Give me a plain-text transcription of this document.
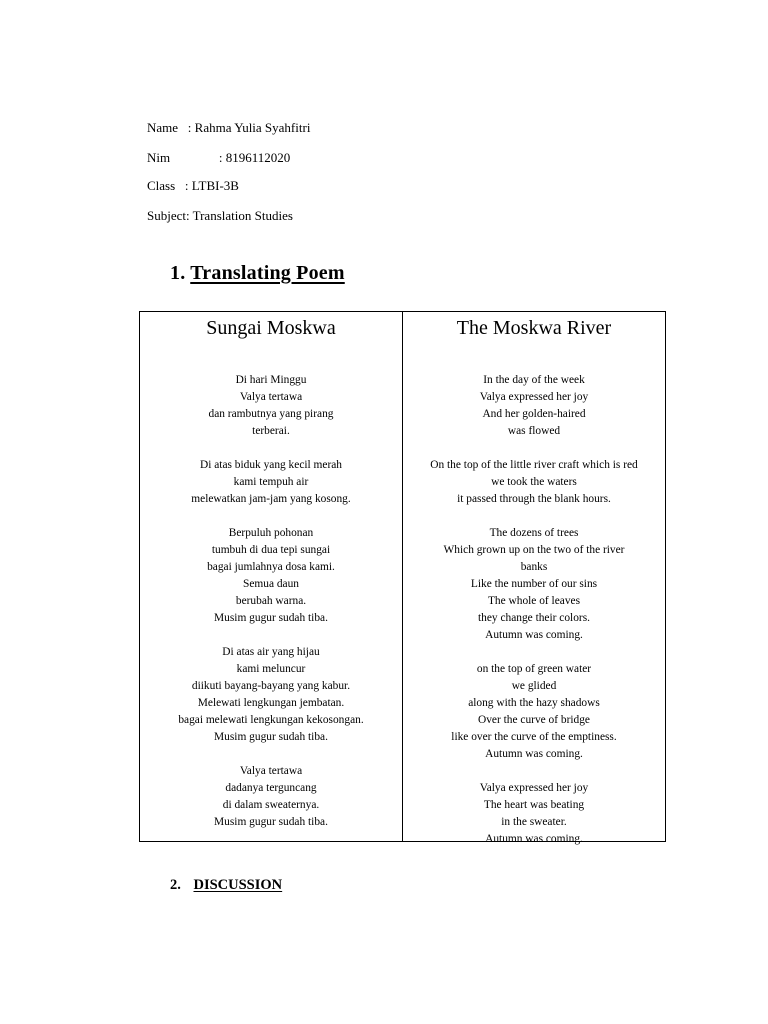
Name   : Rahma Yulia Syahfitri
Nim               : 8196112020
Class   : LTBI-3B
Subject: Translation Studies
1. Translating Poem
Sungai Moskwa
Di hari Minggu
Valya tertawa
dan rambutnya yang pirang
terberai.
Di atas biduk yang kecil merah
kami tempuh air
melewatkan jam-jam yang kosong.
Berpuluh pohonan
tumbuh di dua tepi sungai
bagai jumlahnya dosa kami.
Semua daun
berubah warna.
Musim gugur sudah tiba.
Di atas air yang hijau
kami meluncur
diikuti bayang-bayang yang kabur.
Melewati lengkungan jembatan.
bagai melewati lengkungan kekosongan.
Musim gugur sudah tiba.
Valya tertawa
dadanya terguncang
di dalam sweaternya.
Musim gugur sudah tiba.
The Moskwa River
In the day of the week
Valya expressed her joy
And her golden-haired
was flowed
On the top of the little river craft which is red
we took the waters
it passed through the blank hours.
The dozens of trees
Which grown up on the two of the river
banks
Like the number of our sins
The whole of leaves
they change their colors.
Autumn was coming.
on the top of green water
we glided
along with the hazy shadows
Over the curve of bridge
like over the curve of the emptiness.
Autumn was coming.
Valya expressed her joy
The heart was beating
in the sweater.
Autumn was coming.
2. DISCUSSION
